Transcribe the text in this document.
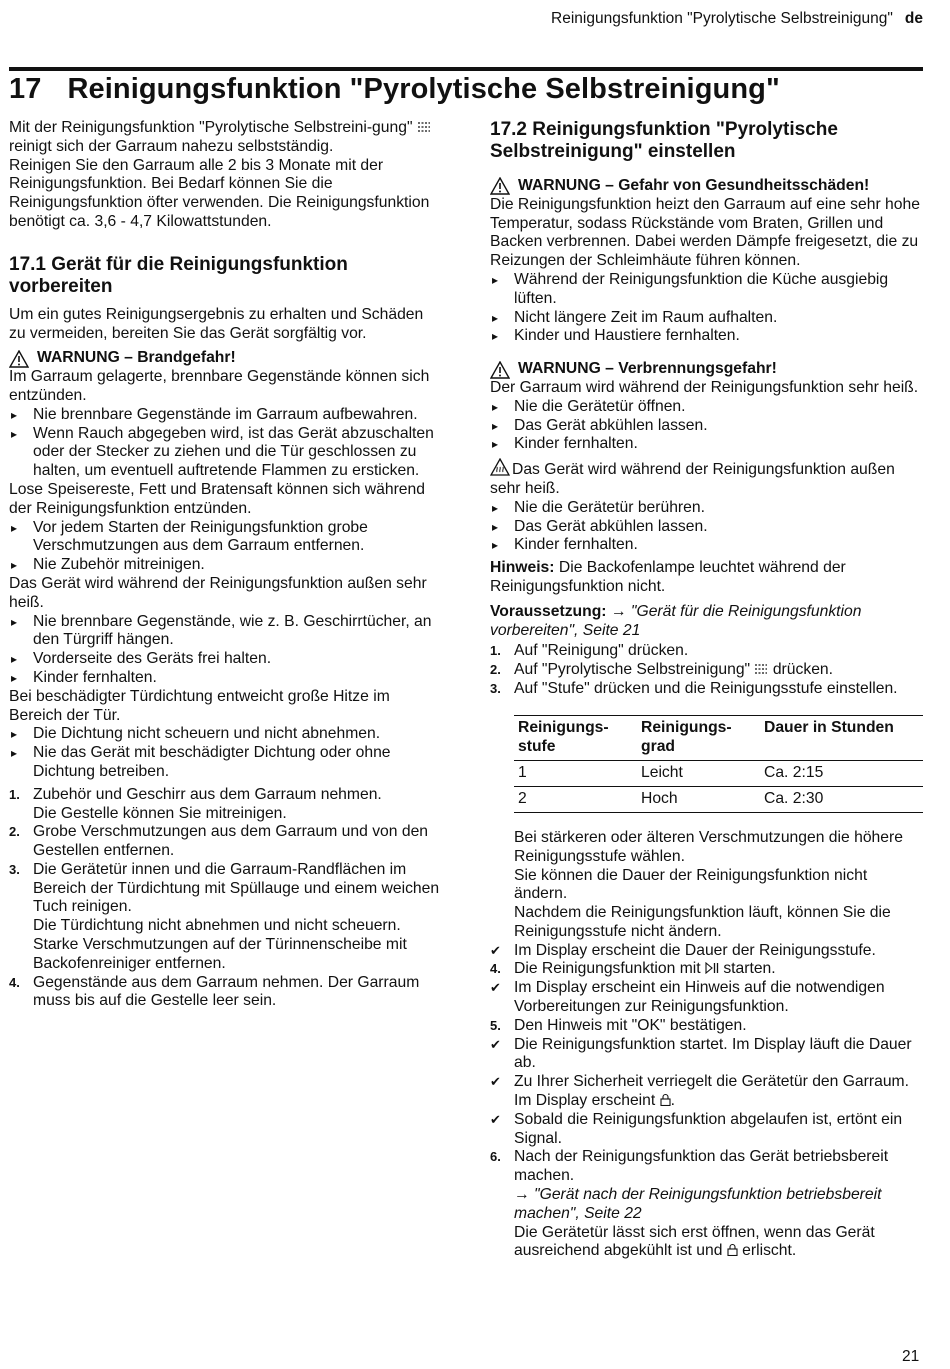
Reinigungsfunktion "Pyrolytische Selbstreinigung" de
17 Reinigungsfunktion "Pyrolytische Selbstreinigung"

Mit der Reinigungsfunktion "Pyrolytische Selbstreini-gung"  reinigt sich der Garraum nahezu selbstständig.

Reinigen Sie den Garraum alle 2 bis 3 Monate mit der Reinigungsfunktion. Bei Bedarf können Sie die Reinigungsfunktion öfter verwenden. Die Reinigungsfunktion benötigt ca. 3,6 - 4,7 Kilowattstunden.

17.1 Gerät für die Reinigungsfunktion vorbereiten

Um ein gutes Reinigungsergebnis zu erhalten und Schäden zu vermeiden, bereiten Sie das Gerät sorgfältig vor.

WARNUNG – Brandgefahr!

Im Garraum gelagerte, brennbare Gegenstände können sich entzünden.

▸ Nie brennbare Gegenstände im Garraum aufbewahren.
▸ Wenn Rauch abgegeben wird, ist das Gerät abzuschalten oder der Stecker zu ziehen und die Tür geschlossen zu halten, um eventuell auftretende Flammen zu ersticken.

Lose Speisereste, Fett und Bratensaft können sich während der Reinigungsfunktion entzünden.

▸ Vor jedem Starten der Reinigungsfunktion grobe Verschmutzungen aus dem Garraum entfernen.
▸ Nie Zubehör mitreinigen.

Das Gerät wird während der Reinigungsfunktion außen sehr heiß.

▸ Nie brennbare Gegenstände, wie z. B. Geschirrtücher, an den Türgriff hängen.
▸ Vorderseite des Geräts frei halten.
▸ Kinder fernhalten.

Bei beschädigter Türdichtung entweicht große Hitze im Bereich der Tür.

▸ Die Dichtung nicht scheuern und nicht abnehmen.
▸ Nie das Gerät mit beschädigter Dichtung oder ohne Dichtung betreiben.
1. Zubehör und Geschirr aus dem Garraum nehmen.
Die Gestelle können Sie mitreinigen.
2. Grobe Verschmutzungen aus dem Garraum und von den Gestellen entfernen.
3. Die Gerätetür innen und die Garraum-Randflächen im Bereich der Türdichtung mit Spüllauge und einem weichen Tuch reinigen.
Die Türdichtung nicht abnehmen und nicht scheuern.
Starke Verschmutzungen auf der Türinnenscheibe mit Backofenreiniger entfernen.
4. Gegenstände aus dem Garraum nehmen. Der Garraum muss bis auf die Gestelle leer sein.
17.2 Reinigungsfunktion "Pyrolytische Selbstreinigung" einstellen
WARNUNG – Gefahr von Gesundheitsschäden!

Die Reinigungsfunktion heizt den Garraum auf eine sehr hohe Temperatur, sodass Rückstände vom Braten, Grillen und Backen verbrennen. Dabei werden Dämpfe freigesetzt, die zu Reizungen der Schleimhäute führen können.

▸ Während der Reinigungsfunktion die Küche ausgiebig lüften.
▸ Nicht längere Zeit im Raum aufhalten.
▸ Kinder und Haustiere fernhalten.
WARNUNG – Verbrennungsgefahr!

Der Garraum wird während der Reinigungsfunktion sehr heiß.

▸ Nie die Gerätetür öffnen.
▸ Das Gerät abkühlen lassen.
▸ Kinder fernhalten.

Das Gerät wird während der Reinigungsfunktion außen sehr heiß.

▸ Nie die Gerätetür berühren.
▸ Das Gerät abkühlen lassen.
▸ Kinder fernhalten.

Hinweis: Die Backofenlampe leuchtet während der Reinigungsfunktion nicht.

Voraussetzung: → "Gerät für die Reinigungsfunktion vorbereiten", Seite 21

1. Auf "Reinigung" drücken.
2. Auf "Pyrolytische Selbstreinigung"  drücken.
3. Auf "Stufe" drücken und die Reinigungsstufe einstellen.
Reinigungs-stufe	Reinigungs-grad	Dauer in Stunden
1	Leicht	Ca. 2:15
2	Hoch	Ca. 2:30

Bei stärkeren oder älteren Verschmutzungen die höhere Reinigungsstufe wählen.

Sie können die Dauer der Reinigungsfunktion nicht ändern.

Nachdem die Reinigungsfunktion läuft, können Sie die Reinigungsstufe nicht ändern.

✔ Im Display erscheint die Dauer der Reinigungsstufe.
4. Die Reinigungsfunktion mit  starten.
✔ Im Display erscheint ein Hinweis auf die notwendigen Vorbereitungen zur Reinigungsfunktion.
5. Den Hinweis mit "OK" bestätigen.
✔ Die Reinigungsfunktion startet. Im Display läuft die Dauer ab.
✔ Zu Ihrer Sicherheit verriegelt die Gerätetür den Garraum. Im Display erscheint .
✔ Sobald die Reinigungsfunktion abgelaufen ist, ertönt ein Signal.
6. Nach der Reinigungsfunktion das Gerät betriebsbereit machen.
→ "Gerät nach der Reinigungsfunktion betriebsbereit machen", Seite 22
Die Gerätetür lässt sich erst öffnen, wenn das Gerät ausreichend abgekühlt ist und  erlischt.
21
